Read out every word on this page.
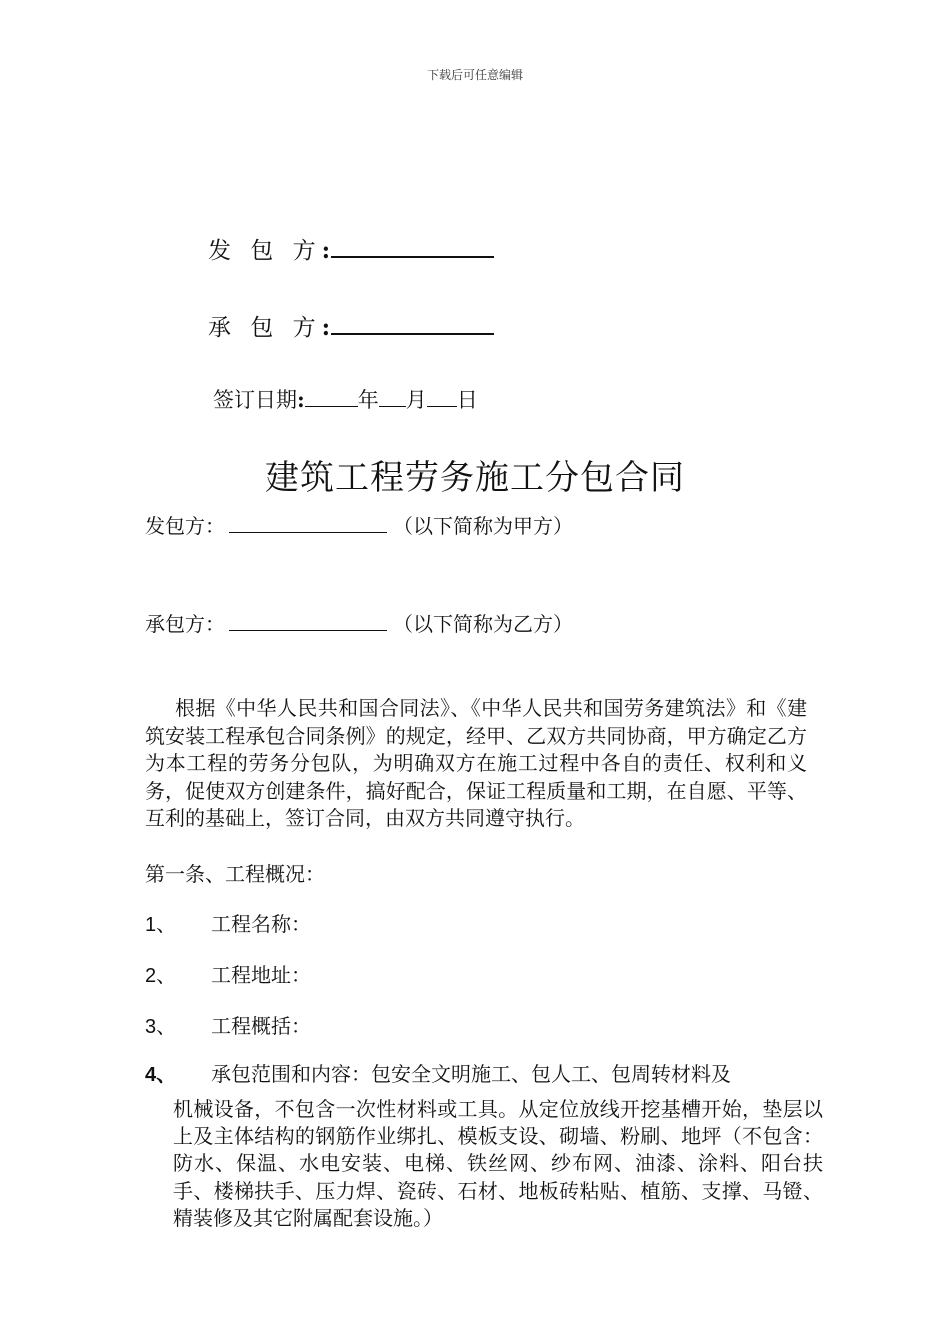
下载后可任意编辑
发 包 方:
承 包 方:
签订日期:	年 月 日
建筑工程劳务施工分包合同
发包方：	（以下简称为甲方）
承包方：	（以下简称为乙方）
根据《中华人民共和国合同法》、《中华人民共和国劳务建筑法》和《建筑安装工程承包合同条例》的规定，经甲、乙双方共同协商，甲方确定乙方为本工程的劳务分包队，为明确双方在施工过程中各自的责任、权利和义务，促使双方创建条件，搞好配合，保证工程质量和工期，在自愿、平等、互利的基础上，签订合同，由双方共同遵守执行。
第一条、工程概况：
1、 工程名称：
2、 工程地址：
3、 工程概括：
4、 承包范围和内容：包安全文明施工、包人工、包周转材料及
机械设备，不包含一次性材料或工具。从定位放线开挖基槽开始，垫层以上及主体结构的钢筋作业绑扎、模板支设、砌墙、粉刷、地坪（不包含：防水、保温、水电安装、电梯、铁丝网、纱布网、油漆、涂料、阳台扶手、楼梯扶手、压力焊、瓷砖、石材、地板砖粘贴、植筋、支撑、马镫、精装修及其它附属配套设施。）
